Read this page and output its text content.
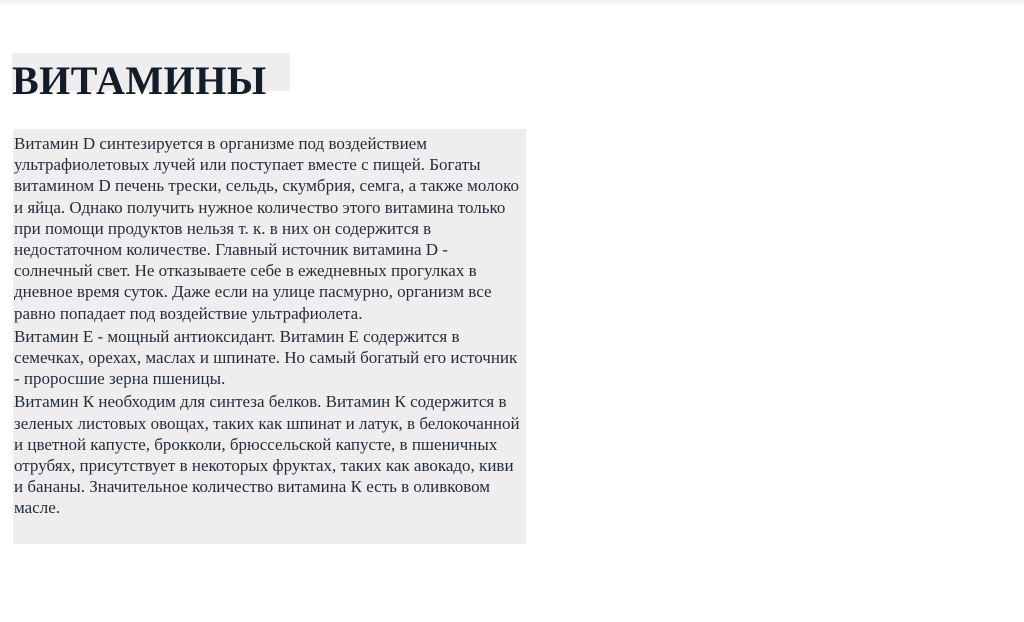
ВИТАМИНЫ

Витамин D синтезируется в организме под воздействием ультрафиолетовых лучей или поступает вместе с пищей. Богаты витамином D печень трески, сельдь, скумбрия, семга, а также молоко и яйца. Однако получить нужное количество этого витамина только при помощи продуктов нельзя т. к. в них он содержится в недостаточном количестве. Главный источник витамина D - солнечный свет. Не отказываете себе в ежедневных прогулках в дневное время суток. Даже если на улице пасмурно, организм все равно попадает под воздействие ультрафиолета.

Витамин Е - мощный антиоксидант. Витамин Е содержится в семечках, орехах, маслах и шпинате. Но самый богатый его источник - проросшие зерна пшеницы.

Витамин К необходим для синтеза белков. Витамин К содержится в зеленых листовых овощах, таких как шпинат и латук, в белокочанной и цветной капусте, брокколи, брюссельской капусте, в пшеничных отрубях, присутствует в некоторых фруктах, таких как авокадо, киви и бананы. Значительное количество витамина К есть в оливковом масле.
